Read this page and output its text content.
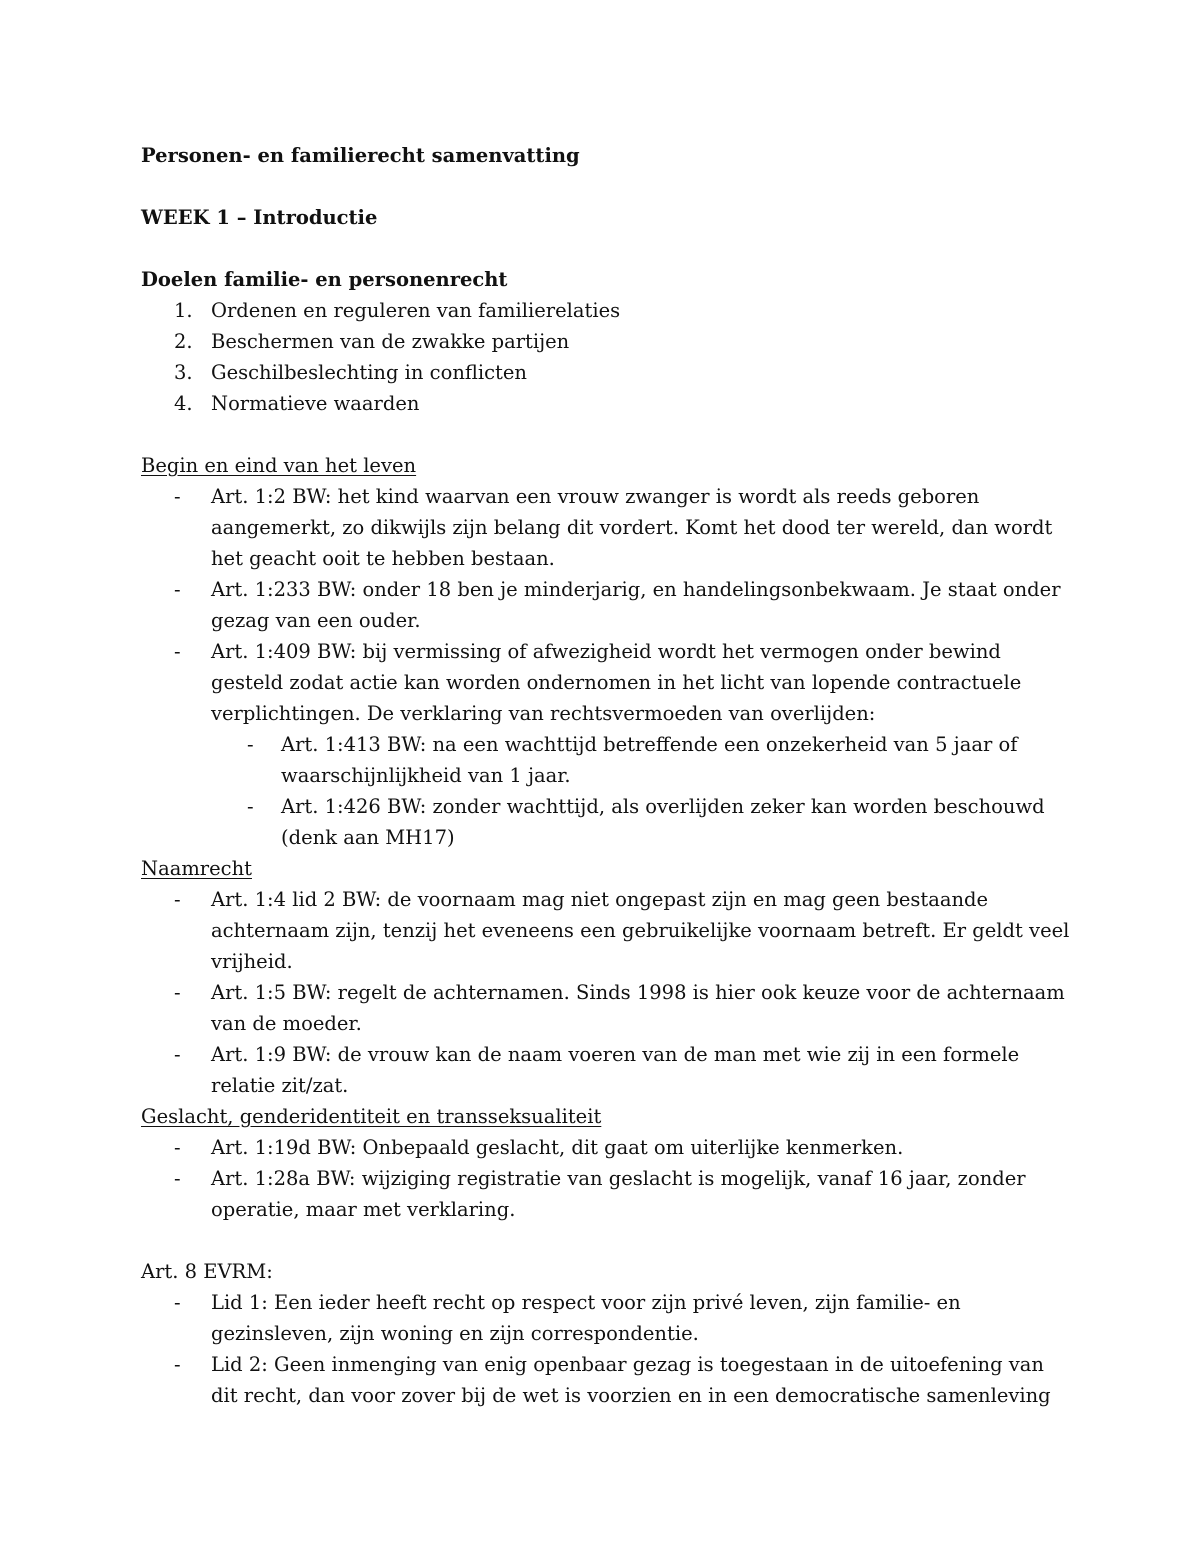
Personen- en familierecht samenvatting

WEEK 1 – Introductie

Doelen familie- en personenrecht

1. Ordenen en reguleren van familierelaties
2. Beschermen van de zwakke partijen
3. Geschilbeslechting in conflicten
4. Normatieve waarden

Begin en eind van het leven

- Art. 1:2 BW: het kind waarvan een vrouw zwanger is wordt als reeds geboren aangemerkt, zo dikwijls zijn belang dit vordert. Komt het dood ter wereld, dan wordt het geacht ooit te hebben bestaan.
- Art. 1:233 BW: onder 18 ben je minderjarig, en handelingsonbekwaam. Je staat onder gezag van een ouder.
- Art. 1:409 BW: bij vermissing of afwezigheid wordt het vermogen onder bewind gesteld zodat actie kan worden ondernomen in het licht van lopende contractuele verplichtingen. De verklaring van rechtsvermoeden van overlijden:
- Art. 1:413 BW: na een wachttijd betreffende een onzekerheid van 5 jaar of waarschijnlijkheid van 1 jaar.
- Art. 1:426 BW: zonder wachttijd, als overlijden zeker kan worden beschouwd (denk aan MH17)

Naamrecht

- Art. 1:4 lid 2 BW: de voornaam mag niet ongepast zijn en mag geen bestaande achternaam zijn, tenzij het eveneens een gebruikelijke voornaam betreft. Er geldt veel vrijheid.
- Art. 1:5 BW: regelt de achternamen. Sinds 1998 is hier ook keuze voor de achternaam van de moeder.
- Art. 1:9 BW: de vrouw kan de naam voeren van de man met wie zij in een formele relatie zit/zat.

Geslacht, genderidentiteit en transseksualiteit

- Art. 1:19d BW: Onbepaald geslacht, dit gaat om uiterlijke kenmerken.
- Art. 1:28a BW: wijziging registratie van geslacht is mogelijk, vanaf 16 jaar, zonder operatie, maar met verklaring.

Art. 8 EVRM:

- Lid 1: Een ieder heeft recht op respect voor zijn privé leven, zijn familie- en gezinsleven, zijn woning en zijn correspondentie.
- Lid 2: Geen inmenging van enig openbaar gezag is toegestaan in de uitoefening van dit recht, dan voor zover bij de wet is voorzien en in een democratische samenleving
